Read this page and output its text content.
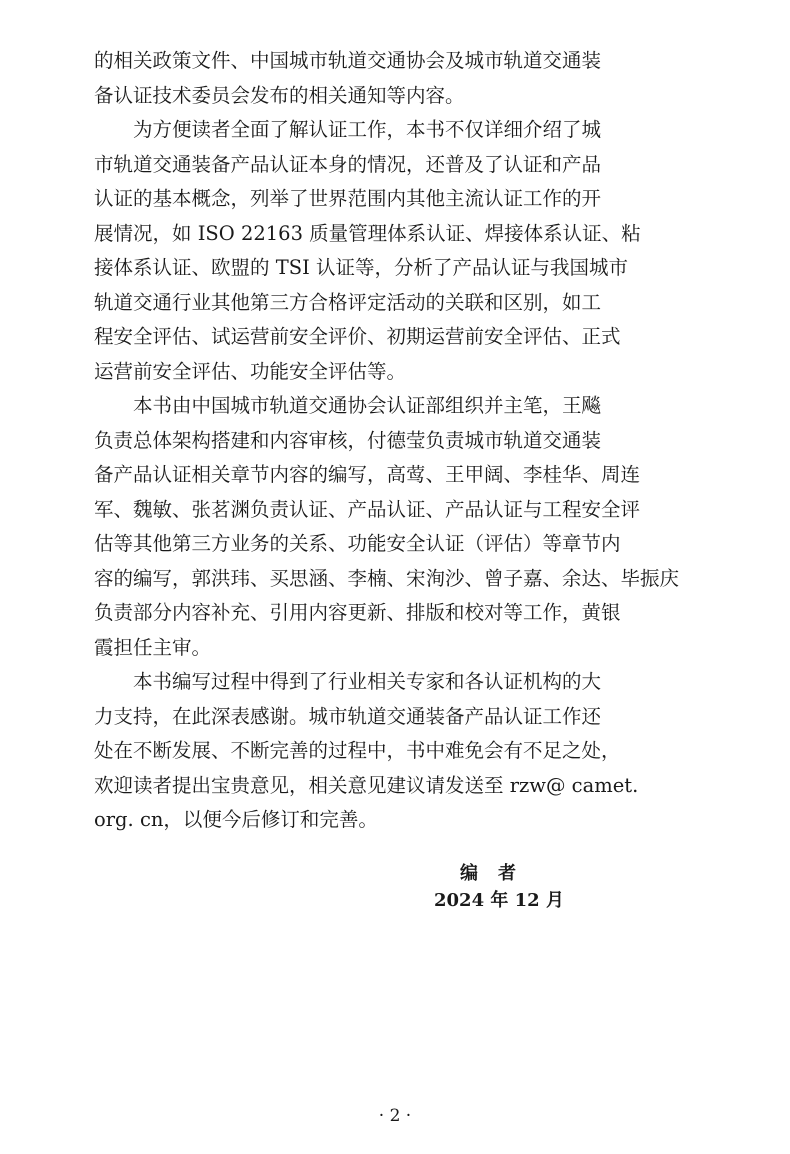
的相关政策文件、中国城市轨道交通协会及城市轨道交通装
备认证技术委员会发布的相关通知等内容。
为方便读者全面了解认证工作，本书不仅详细介绍了城
市轨道交通装备产品认证本身的情况，还普及了认证和产品
认证的基本概念，列举了世界范围内其他主流认证工作的开
展情况，如 ISO 22163 质量管理体系认证、焊接体系认证、粘
接体系认证、欧盟的 TSI 认证等，分析了产品认证与我国城市
轨道交通行业其他第三方合格评定活动的关联和区别，如工
程安全评估、试运营前安全评价、初期运营前安全评估、正式
运营前安全评估、功能安全评估等。
本书由中国城市轨道交通协会认证部组织并主笔，王飚
负责总体架构搭建和内容审核，付德莹负责城市轨道交通装
备产品认证相关章节内容的编写，高莺、王甲阔、李桂华、周连
军、魏敏、张茗渊负责认证、产品认证、产品认证与工程安全评
估等其他第三方业务的关系、功能安全认证（评估）等章节内
容的编写，郭洪玮、买思涵、李楠、宋洵沙、曾子嘉、余达、毕振庆
负责部分内容补充、引用内容更新、排版和校对等工作，黄银
霞担任主审。
本书编写过程中得到了行业相关专家和各认证机构的大
力支持，在此深表感谢。城市轨道交通装备产品认证工作还
处在不断发展、不断完善的过程中，书中难免会有不足之处，
欢迎读者提出宝贵意见，相关意见建议请发送至 rzw@ camet.
org. cn，以便今后修订和完善。
编者
2024 年 12 月
· 2 ·
